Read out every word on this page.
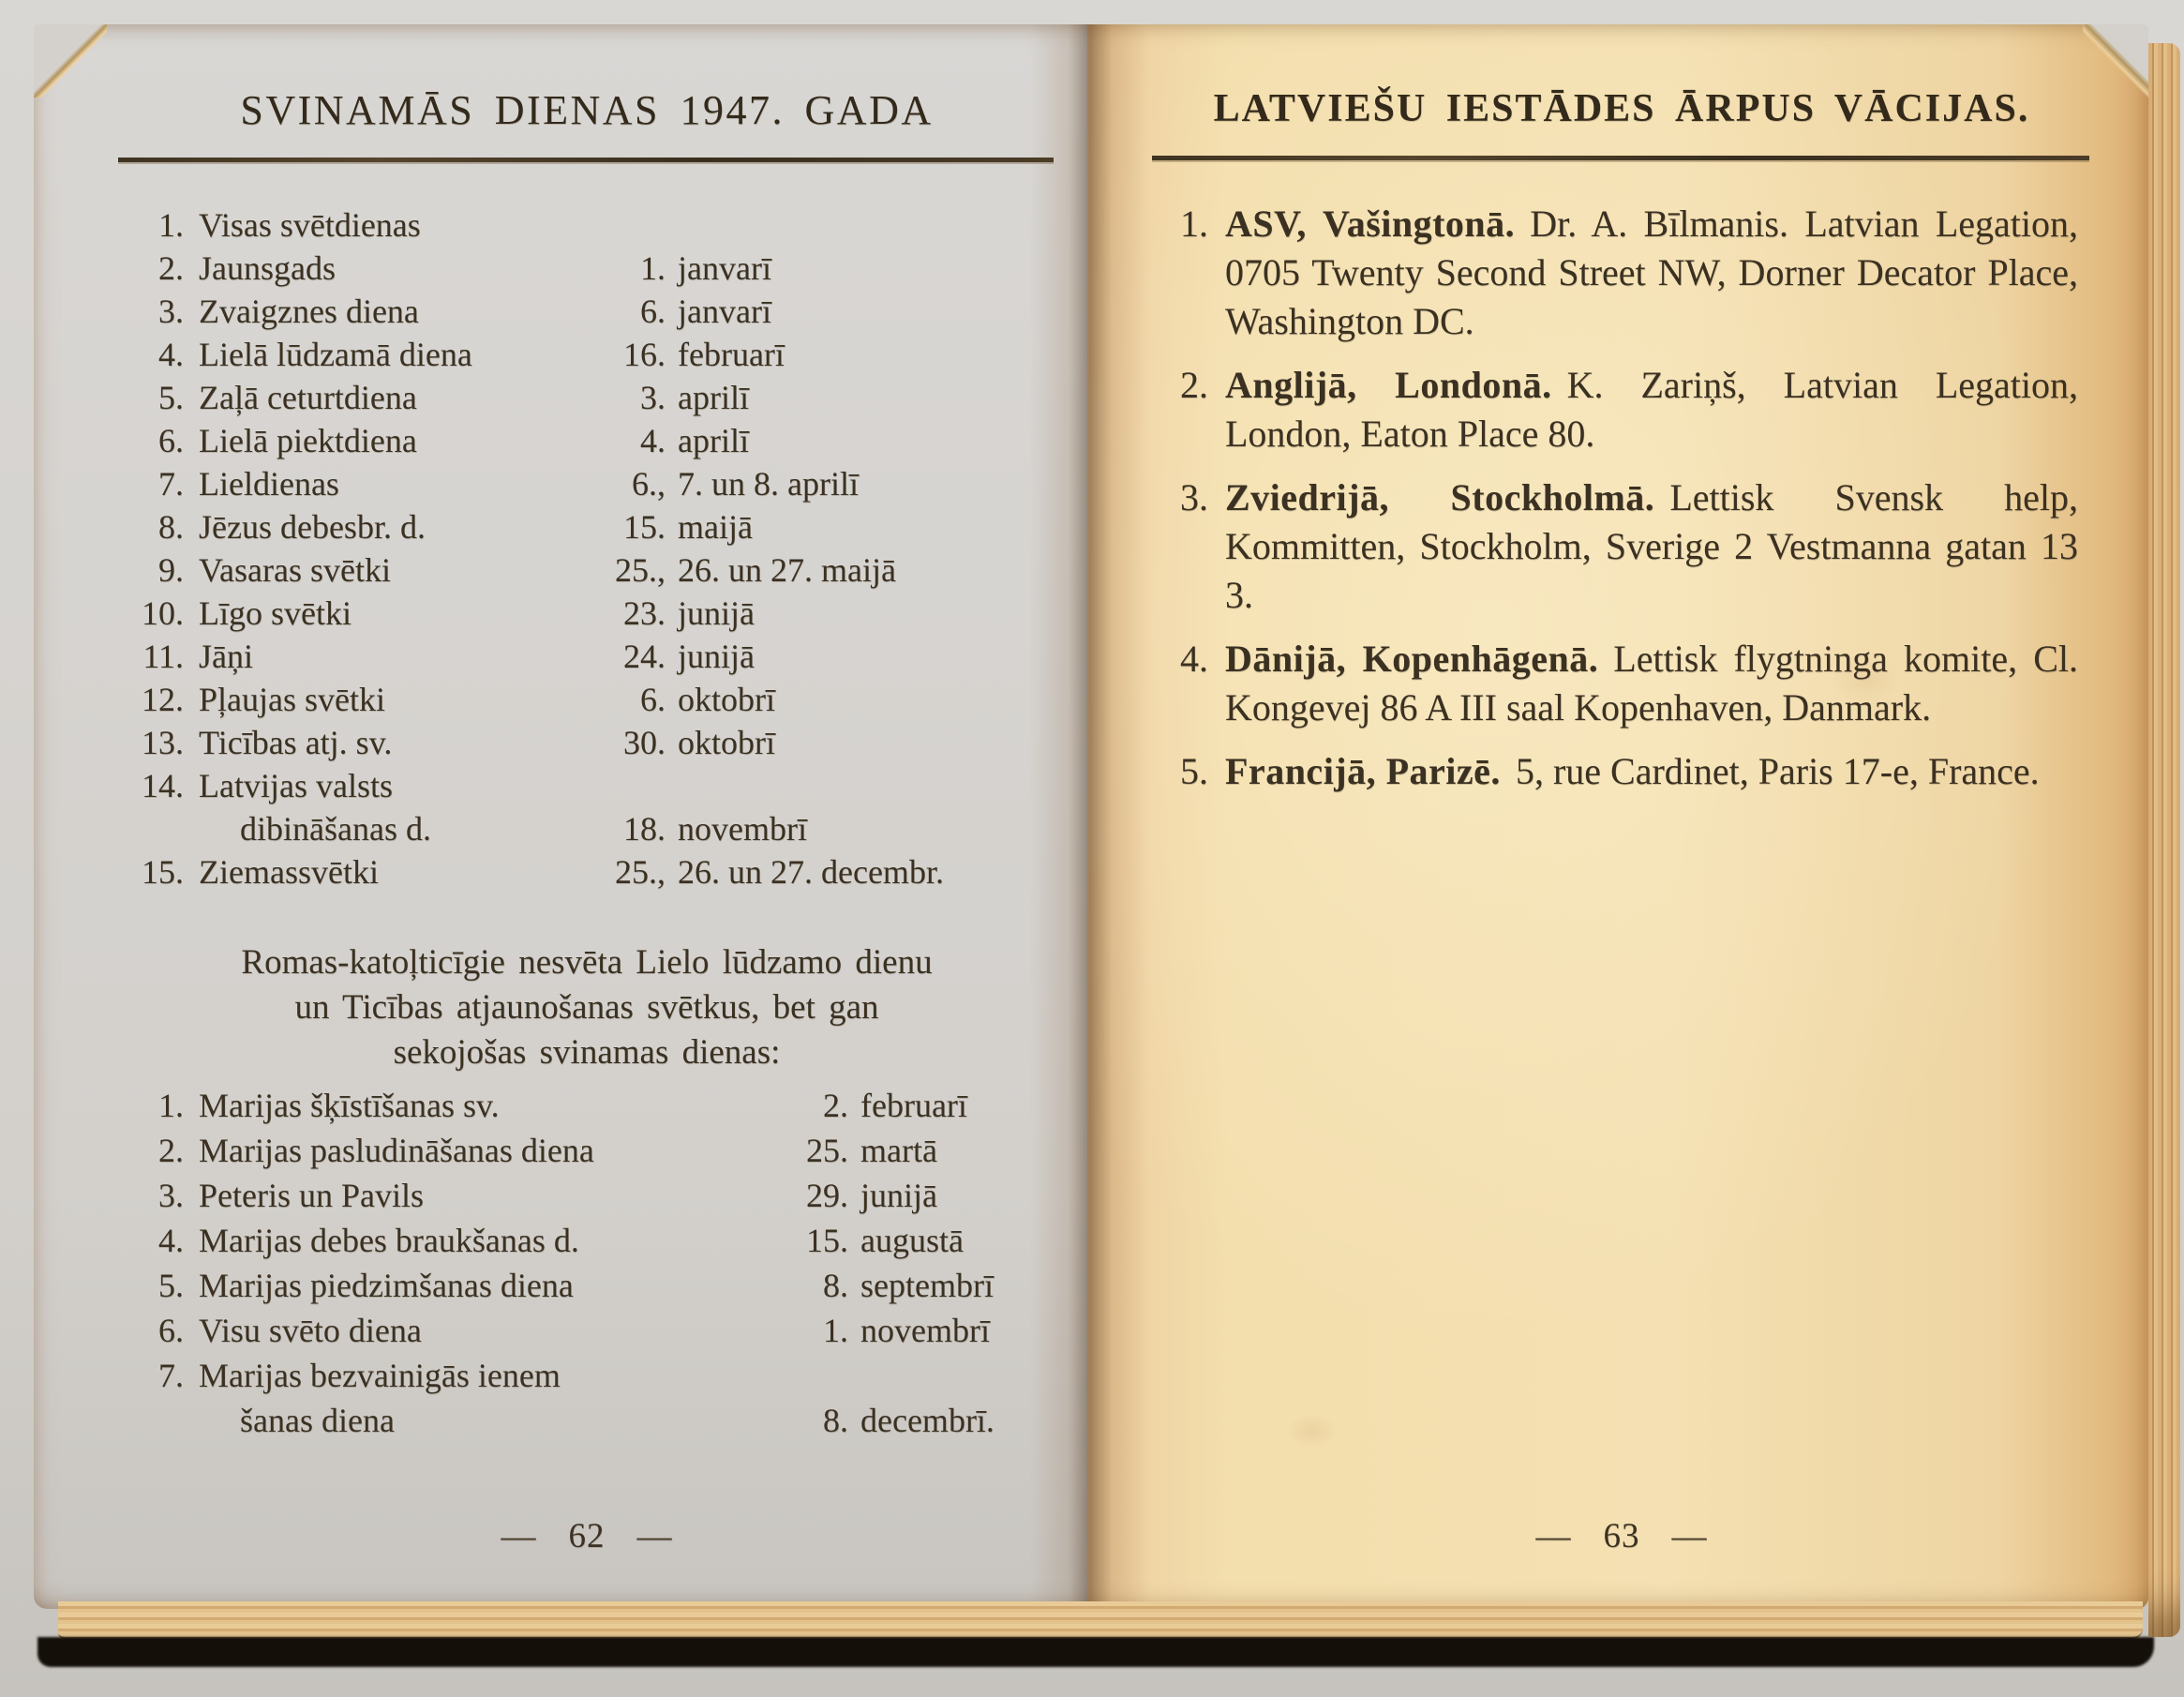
SVINAMĀS DIENAS 1947. GADA
1. Visas svētdienas
2. Jaunsgads	1. janvarī
3. Zvaigznes diena	6. janvarī
4. Lielā lūdzamā diena	16. februarī
5. Zaļā ceturtdiena	3. aprilī
6. Lielā piektdiena	4. aprilī
7. Lieldienas	6., 7. un 8. aprilī
8. Jēzus debesbr. d.	15. maijā
9. Vasaras svētki	25., 26. un 27. maijā
10. Līgo svētki	23. junijā
11. Jāņi	24. junijā
12. Pļaujas svētki	6. oktobrī
13. Ticības atj. sv.	30. oktobrī
14. Latvijas valsts
dibināšanas d.	18. novembrī
15. Ziemassvētki	25., 26. un 27. decembr.
Romas-katoļticīgie nesvēta Lielo lūdzamo dienu
un Ticības atjaunošanas svētkus, bet gan
sekojošas svinamas dienas:
1. Marijas šķīstīšanas sv.	2. februarī
2. Marijas pasludināšanas diena	25. martā
3. Peteris un Pavils	29. junijā
4. Marijas debes braukšanas d.	15. augustā
5. Marijas piedzimšanas diena	8. septembrī
6. Visu svēto diena	1. novembrī
7. Marijas bezvainigās ienem
šanas diena	8. decembrī.
— 62 —
LATVIEŠU IESTĀDES ĀRPUS VĀCIJAS.
1. ASV, Vašingtonā. Dr. A. Bīlmanis. Latvian Legation, 0705 Twenty Second Street NW, Dorner Decator Place, Washington DC.

2. Anglijā, Londonā. K. Zariņš, Latvian Legation, London, Eaton Place 80.

3. Zviedrijā, Stockholmā. Lettisk Svensk help, Kommitten, Stockholm, Sverige 2 Vestmanna gatan 13 3.

4. Dānijā, Kopenhāgenā. Lettisk flygtninga komite, Cl. Kongevej 86 A III saal Kopenhaven, Danmark.

5. Francijā, Parizē. 5, rue Cardinet, Paris 17-e, France.

— 63 —
